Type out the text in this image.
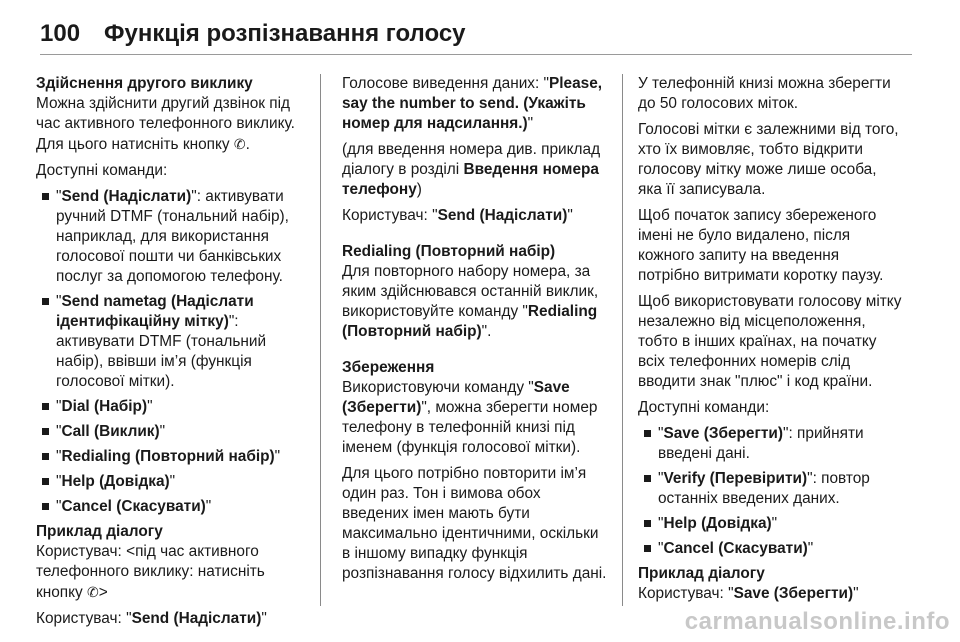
100 Функція розпізнавання голосу

Здійснення другого виклику

Можна здійснити другий дзвінок під час активного телефонного виклику. Для цього натисніть кнопку ✆.

Доступні команди:

"Send (Надіслати)": активувати ручний DTMF (тональний набір), наприклад, для використання голосової пошти чи банківських послуг за допомогою телефону.
"Send nametag (Надіслати ідентифікаційну мітку)": активувати DTMF (тональний набір), ввівши ім’я (функція голосової мітки).
"Dial (Набір)"
"Call (Виклик)"
"Redialing (Повторний набір)"
"Help (Довідка)"
"Cancel (Скасувати)"

Приклад діалогу

Користувач: <під час активного телефонного виклику: натисніть кнопку ✆>

Користувач: "Send (Надіслати)"

Голосове виведення даних: "Please, say the number to send. (Укажіть номер для надсилання.)"

(для введення номера див. приклад діалогу в розділі Введення номера телефону)

Користувач: "Send (Надіслати)"

Redialing (Повторний набір)

Для повторного набору номера, за яким здійснювався останній виклик, використовуйте команду "Redialing (Повторний набір)".

Збереження

Використовуючи команду "Save (Зберегти)", можна зберегти номер телефону в телефонній книзі під іменем (функція голосової мітки).

Для цього потрібно повторити ім’я один раз. Тон і вимова обох введених імен мають бути максимально ідентичними, оскільки в іншому випадку функція розпізнавання голосу відхилить дані.

У телефонній книзі можна зберегти до 50 голосових міток.

Голосові мітки є залежними від того, хто їх вимовляє, тобто відкрити голосову мітку може лише особа, яка її записувала.

Щоб початок запису збереженого імені не було видалено, після кожного запиту на введення потрібно витримати коротку паузу.

Щоб використовувати голосову мітку незалежно від місцеположення, тобто в інших країнах, на початку всіх телефонних номерів слід вводити знак "плюс" і код країни.

Доступні команди:

"Save (Зберегти)": прийняти введені дані.
"Verify (Перевірити)": повтор останніх введених даних.
"Help (Довідка)"
"Cancel (Скасувати)"

Приклад діалогу

Користувач: "Save (Зберегти)"

carmanualsonline.info
